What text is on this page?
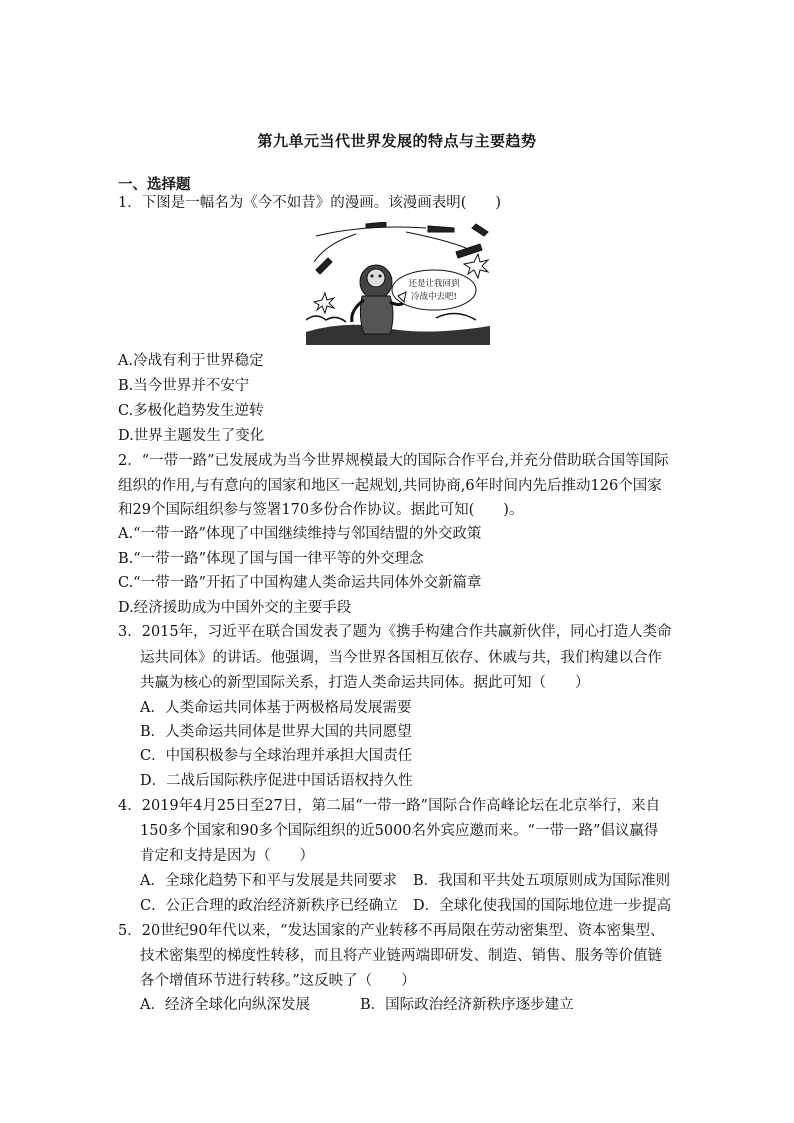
第九单元当代世界发展的特点与主要趋势
一、选择题
1．下图是一幅名为《今不如昔》的漫画。该漫画表明(　　)
还是让我回到
冷战中去吧!
A.冷战有利于世界稳定
B.当今世界并不安宁
C.多极化趋势发生逆转
D.世界主题发生了变化
2．“一带一路”已发展成为当今世界规模最大的国际合作平台,并充分借助联合国等国际
组织的作用,与有意向的国家和地区一起规划,共同协商,6年时间内先后推动126个国家
和29个国际组织参与签署170多份合作协议。据此可知(　　)。
A.“一带一路”体现了中国继续维持与邻国结盟的外交政策
B.“一带一路”体现了国与国一律平等的外交理念
C.“一带一路”开拓了中国构建人类命运共同体外交新篇章
D.经济援助成为中国外交的主要手段
3．2015年，习近平在联合国发表了题为《携手构建合作共赢新伙伴，同心打造人类命
运共同体》的讲话。他强调，当今世界各国相互依存、休戚与共，我们构建以合作
共赢为核心的新型国际关系，打造人类命运共同体。据此可知（　　）
A．人类命运共同体基于两极格局发展需要
B．人类命运共同体是世界大国的共同愿望
C．中国积极参与全球治理并承担大国责任
D．二战后国际秩序促进中国话语权持久性
4．2019年4月25日至27日，第二届“一带一路”国际合作高峰论坛在北京举行，来自
150多个国家和90多个国际组织的近5000名外宾应邀而来。“一带一路”倡议赢得
肯定和支持是因为（　　）
A．全球化趋势下和平与发展是共同要求 B．我国和平共处五项原则成为国际准则
C．公正合理的政治经济新秩序已经确立 D．全球化使我国的国际地位进一步提高
5．20世纪90年代以来，“发达国家的产业转移不再局限在劳动密集型、资本密集型、
技术密集型的梯度性转移，而且将产业链两端即研发、制造、销售、服务等价值链
各个增值环节进行转移。”这反映了（　　）
A．经济全球化向纵深发展	B．国际政治经济新秩序逐步建立
